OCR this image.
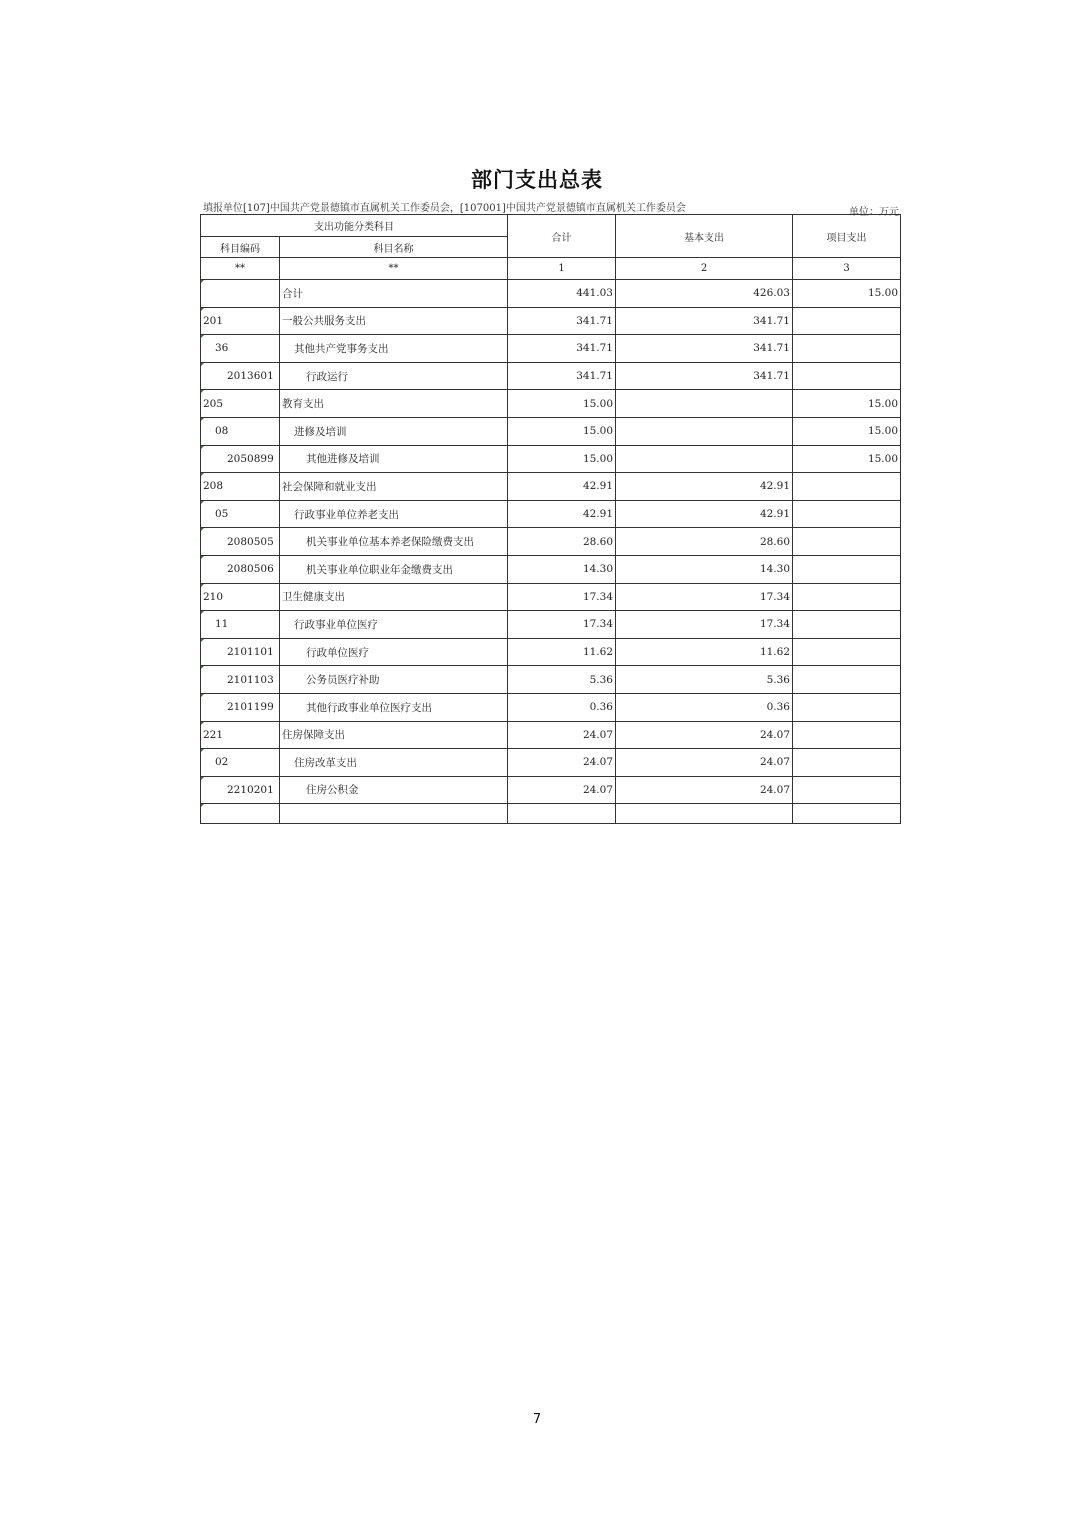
部门支出总表
填报单位[107]中国共产党景德镇市直属机关工作委员会，[107001]中国共产党景德镇市直属机关工作委员会	单位：万元
支出功能分类科目		合计	基本支出	项目支出
科目编码	科目名称			
**	**	1	2	3
	合计	441.03	426.03	15.00
201	一般公共服务支出	341.71	341.71	
36	其他共产党事务支出	341.71	341.71	
2013601	行政运行	341.71	341.71	
205	教育支出	15.00		15.00
08	进修及培训	15.00		15.00
2050899	其他进修及培训	15.00		15.00
208	社会保障和就业支出	42.91	42.91	
05	行政事业单位养老支出	42.91	42.91	
2080505	机关事业单位基本养老保险缴费支出	28.60	28.60	
2080506	机关事业单位职业年金缴费支出	14.30	14.30	
210	卫生健康支出	17.34	17.34	
11	行政事业单位医疗	17.34	17.34	
2101101	行政单位医疗	11.62	11.62	
2101103	公务员医疗补助	5.36	5.36	
2101199	其他行政事业单位医疗支出	0.36	0.36	
221	住房保障支出	24.07	24.07	
02	住房改革支出	24.07	24.07	
2210201	住房公积金	24.07	24.07	

7
